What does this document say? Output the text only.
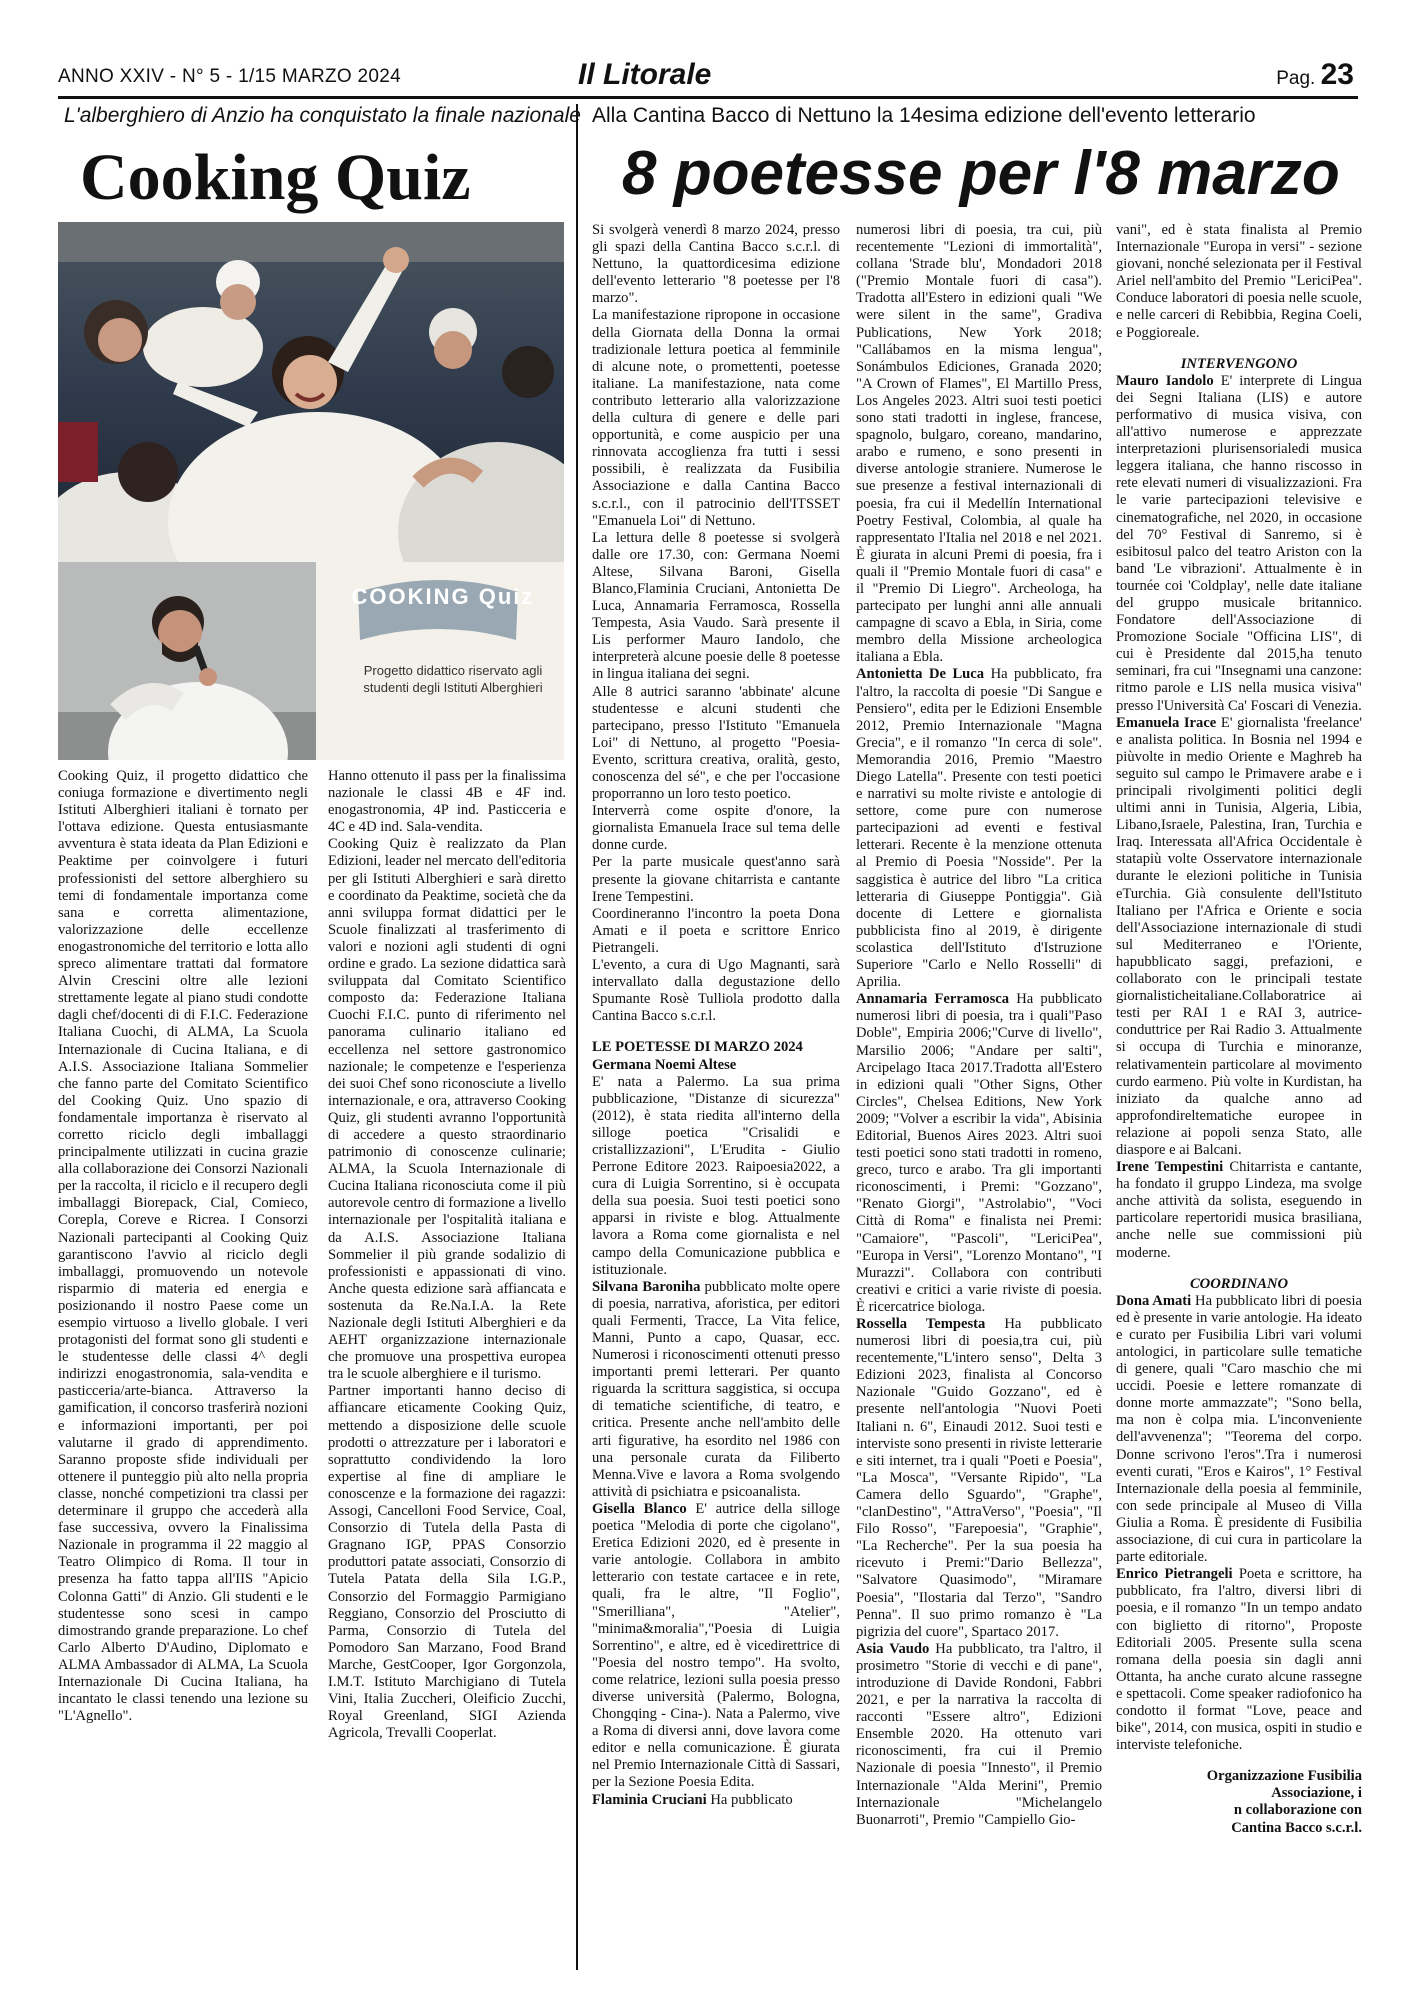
ANNO XXIV - N° 5 - 1/15 MARZO 2024	Il Litorale	Pag. 23
L'alberghiero di Anzio ha conquistato la finale nazionale
Cooking Quiz
Alla Cantina Bacco di Nettuno la 14esima edizione dell'evento letterario
8 poetesse per l'8 marzo
COOKING Quiz
Progetto didattico riservato agli studenti degli Istituti Alberghieri

Cooking Quiz, il progetto didattico che coniuga formazione e divertimento negli Istituti Alberghieri italiani è tornato per l'ottava edizione. Questa entusiasmante avventura è stata ideata da Plan Edizioni e Peaktime per coinvolgere i futuri professionisti del settore alberghiero su temi di fondamentale importanza come sana e corretta alimentazione, valorizzazione delle eccellenze enogastronomiche del territorio e lotta allo spreco alimentare trattati dal formatore Alvin Crescini oltre alle lezioni strettamente legate al piano studi condotte dagli chef/docenti di di F.I.C. Federazione Italiana Cuochi, di ALMA, La Scuola Internazionale di Cucina Italiana, e di A.I.S. Associazione Italiana Sommelier che fanno parte del Comitato Scientifico del Cooking Quiz. Uno spazio di fondamentale importanza è riservato al corretto riciclo degli imballaggi principalmente utilizzati in cucina grazie alla collaborazione dei Consorzi Nazionali per la raccolta, il riciclo e il recupero degli imballaggi Biorepack, Cial, Comieco, Corepla, Coreve e Ricrea. I Consorzi Nazionali partecipanti al Cooking Quiz garantiscono l'avvio al riciclo degli imballaggi, promuovendo un notevole risparmio di materia ed energia e posizionando il nostro Paese come un esempio virtuoso a livello globale. I veri protagonisti del format sono gli studenti e le studentesse delle classi 4^ degli indirizzi enogastronomia, sala-vendita e pasticceria/arte-bianca. Attraverso la gamification, il concorso trasferirà nozioni e informazioni importanti, per poi valutarne il grado di apprendimento. Saranno proposte sfide individuali per ottenere il punteggio più alto nella propria classe, nonché competizioni tra classi per determinare il gruppo che accederà alla fase successiva, ovvero la Finalissima Nazionale in programma il 22 maggio al Teatro Olimpico di Roma. Il tour in presenza ha fatto tappa all'IIS "Apicio Colonna Gatti" di Anzio. Gli studenti e le studentesse sono scesi in campo dimostrando grande preparazione. Lo chef Carlo Alberto D'Audino, Diplomato e ALMA Ambassador di ALMA, La Scuola Internazionale Di Cucina Italiana, ha incantato le classi tenendo una lezione su "L'Agnello".

Hanno ottenuto il pass per la finalissima nazionale le classi 4B e 4F ind. enogastronomia, 4P ind. Pasticceria e 4C e 4D ind. Sala-vendita.

Cooking Quiz è realizzato da Plan Edizioni, leader nel mercato dell'editoria per gli Istituti Alberghieri e sarà diretto e coordinato da Peaktime, società che da anni sviluppa format didattici per le Scuole finalizzati al trasferimento di valori e nozioni agli studenti di ogni ordine e grado. La sezione didattica sarà sviluppata dal Comitato Scientifico composto da: Federazione Italiana Cuochi F.I.C. punto di riferimento nel panorama culinario italiano ed eccellenza nel settore gastronomico nazionale; le competenze e l'esperienza dei suoi Chef sono riconosciute a livello internazionale, e ora, attraverso Cooking Quiz, gli studenti avranno l'opportunità di accedere a questo straordinario patrimonio di conoscenze culinarie; ALMA, la Scuola Internazionale di Cucina Italiana riconosciuta come il più autorevole centro di formazione a livello internazionale per l'ospitalità italiana e da A.I.S. Associazione Italiana Sommelier il più grande sodalizio di professionisti e appassionati di vino. Anche questa edizione sarà affiancata e sostenuta da Re.Na.I.A. la Rete Nazionale degli Istituti Alberghieri e da AEHT organizzazione internazionale che promuove una prospettiva europea tra le scuole alberghiere e il turismo.

Partner importanti hanno deciso di affiancare eticamente Cooking Quiz, mettendo a disposizione delle scuole prodotti o attrezzature per i laboratori e soprattutto condividendo la loro expertise al fine di ampliare le conoscenze e la formazione dei ragazzi: Assogi, Cancelloni Food Service, Coal, Consorzio di Tutela della Pasta di Gragnano IGP, PPAS Consorzio produttori patate associati, Consorzio di Tutela Patata della Sila I.G.P., Consorzio del Formaggio Parmigiano Reggiano, Consorzio del Prosciutto di Parma, Consorzio di Tutela del Pomodoro San Marzano, Food Brand Marche, GestCooper, Igor Gorgonzola, I.M.T. Istituto Marchigiano di Tutela Vini, Italia Zuccheri, Oleificio Zucchi, Royal Greenland, SIGI Azienda Agricola, Trevalli Cooperlat.

Si svolgerà venerdì 8 marzo 2024, presso gli spazi della Cantina Bacco s.c.r.l. di Nettuno, la quattordicesima edizione dell'evento letterario "8 poetesse per l'8 marzo".

La manifestazione ripropone in occasione della Giornata della Donna la ormai tradizionale lettura poetica al femminile di alcune note, o promettenti, poetesse italiane. La manifestazione, nata come contributo letterario alla valorizzazione della cultura di genere e delle pari opportunità, e come auspicio per una rinnovata accoglienza fra tutti i sessi possibili, è realizzata da Fusibilia Associazione e dalla Cantina Bacco s.c.r.l., con il patrocinio dell'ITSSET "Emanuela Loi" di Nettuno.

La lettura delle 8 poetesse si svolgerà dalle ore 17.30, con: Germana Noemi Altese, Silvana Baroni, Gisella Blanco,Flaminia Cruciani, Antonietta De Luca, Annamaria Ferramosca, Rossella Tempesta, Asia Vaudo. Sarà presente il Lis performer Mauro Iandolo, che interpreterà alcune poesie delle 8 poetesse in lingua italiana dei segni.

Alle 8 autrici saranno 'abbinate' alcune studentesse e alcuni studenti che partecipano, presso l'Istituto "Emanuela Loi" di Nettuno, al progetto "Poesia-Evento, scrittura creativa, oralità, gesto, conoscenza del sé", e che per l'occasione proporranno un loro testo poetico.

Interverrà come ospite d'onore, la giornalista Emanuela Irace sul tema delle donne curde.

Per la parte musicale quest'anno sarà presente la giovane chitarrista e cantante Irene Tempestini.

Coordineranno l'incontro la poeta Dona Amati e il poeta e scrittore Enrico Pietrangeli.

L'evento, a cura di Ugo Magnanti, sarà intervallato dalla degustazione dello Spumante Rosè Tulliola prodotto dalla Cantina Bacco s.c.r.l.

LE POETESSE DI MARZO 2024

Germana Noemi Altese

E' nata a Palermo. La sua prima pubblicazione, "Distanze di sicurezza" (2012), è stata riedita all'interno della silloge poetica "Crisalidi e cristallizzazioni", L'Erudita - Giulio Perrone Editore 2023. Raipoesia2022, a cura di Luigia Sorrentino, si è occupata della sua poesia. Suoi testi poetici sono apparsi in riviste e blog. Attualmente lavora a Roma come giornalista e nel campo della Comunicazione pubblica e istituzionale.

Silvana Baroniha pubblicato molte opere di poesia, narrativa, aforistica, per editori quali Fermenti, Tracce, La Vita felice, Manni, Punto a capo, Quasar, ecc. Numerosi i riconoscimenti ottenuti presso importanti premi letterari. Per quanto riguarda la scrittura saggistica, si occupa di tematiche scientifiche, di teatro, e critica. Presente anche nell'ambito delle arti figurative, ha esordito nel 1986 con una personale curata da Filiberto Menna.Vive e lavora a Roma svolgendo attività di psichiatra e psicoanalista.

Gisella Blanco E' autrice della silloge poetica "Melodia di porte che cigolano", Eretica Edizioni 2020, ed è presente in varie antologie. Collabora in ambito letterario con testate cartacee e in rete, quali, fra le altre, "Il Foglio", "Smerilliana", "Atelier", "minima&moralia","Poesia di Luigia Sorrentino", e altre, ed è vicedirettrice di "Poesia del nostro tempo". Ha svolto, come relatrice, lezioni sulla poesia presso diverse università (Palermo, Bologna, Chongqing - Cina-). Nata a Palermo, vive a Roma di diversi anni, dove lavora come editor e nella comunicazione. È giurata nel Premio Internazionale Città di Sassari, per la Sezione Poesia Edita.

Flaminia Cruciani Ha pubblicato

numerosi libri di poesia, tra cui, più recentemente "Lezioni di immortalità", collana 'Strade blu', Mondadori 2018 ("Premio Montale fuori di casa"). Tradotta all'Estero in edizioni quali "We were silent in the same", Gradiva Publications, New York 2018; "Callábamos en la misma lengua", Sonámbulos Ediciones, Granada 2020; "A Crown of Flames", El Martillo Press, Los Angeles 2023. Altri suoi testi poetici sono stati tradotti in inglese, francese, spagnolo, bulgaro, coreano, mandarino, arabo e rumeno, e sono presenti in diverse antologie straniere. Numerose le sue presenze a festival internazionali di poesia, fra cui il Medellín International Poetry Festival, Colombia, al quale ha rappresentato l'Italia nel 2018 e nel 2021. È giurata in alcuni Premi di poesia, fra i quali il "Premio Montale fuori di casa" e il "Premio Di Liegro". Archeologa, ha partecipato per lunghi anni alle annuali campagne di scavo a Ebla, in Siria, come membro della Missione archeologica italiana a Ebla.

Antonietta De Luca Ha pubblicato, fra l'altro, la raccolta di poesie "Di Sangue e Pensiero", edita per le Edizioni Ensemble 2012, Premio Internazionale "Magna Grecia", e il romanzo "In cerca di sole". Memorandia 2016, Premio "Maestro Diego Latella". Presente con testi poetici e narrativi su molte riviste e antologie di settore, come pure con numerose partecipazioni ad eventi e festival letterari. Recente è la menzione ottenuta al Premio di Poesia "Nosside". Per la saggistica è autrice del libro "La critica letteraria di Giuseppe Pontiggia". Già docente di Lettere e giornalista pubblicista fino al 2019, è dirigente scolastica dell'Istituto d'Istruzione Superiore "Carlo e Nello Rosselli" di Aprilia.

Annamaria Ferramosca Ha pubblicato numerosi libri di poesia, tra i quali"Paso Doble", Empiria 2006;"Curve di livello", Marsilio 2006; "Andare per salti", Arcipelago Itaca 2017.Tradotta all'Estero in edizioni quali "Other Signs, Other Circles", Chelsea Editions, New York 2009; "Volver a escribir la vida", Abisinia Editorial, Buenos Aires 2023. Altri suoi testi poetici sono stati tradotti in romeno, greco, turco e arabo. Tra gli importanti riconoscimenti, i Premi: "Gozzano", "Renato Giorgi", "Astrolabio", "Voci Città di Roma" e finalista nei Premi: "Camaiore", "Pascoli", "LericiPea", "Europa in Versi", "Lorenzo Montano", "I Murazzi". Collabora con contributi creativi e critici a varie riviste di poesia. È ricercatrice biologa.

Rossella Tempesta Ha pubblicato numerosi libri di poesia,tra cui, più recentemente,"L'intero senso", Delta 3 Edizioni 2023, finalista al Concorso Nazionale "Guido Gozzano", ed è presente nell'antologia "Nuovi Poeti Italiani n. 6", Einaudi 2012. Suoi testi e interviste sono presenti in riviste letterarie e siti internet, tra i quali "Poeti e Poesia", "La Mosca", "Versante Ripido", "La Camera dello Sguardo", "Graphe", "clanDestino", "AttraVerso", "Poesia", "Il Filo Rosso", "Farepoesia", "Graphie", "La Recherche". Per la sua poesia ha ricevuto i Premi:"Dario Bellezza", "Salvatore Quasimodo", "Miramare Poesia", "Ilostaria dal Terzo", "Sandro Penna". Il suo primo romanzo è "La pigrizia del cuore", Spartaco 2017.

Asia Vaudo Ha pubblicato, tra l'altro, il prosimetro "Storie di vecchi e di pane", introduzione di Davide Rondoni, Fabbri 2021, e per la narrativa la raccolta di racconti "Essere altro", Edizioni Ensemble 2020. Ha ottenuto vari riconoscimenti, fra cui il Premio Nazionale di poesia "Innesto", il Premio Internazionale "Alda Merini", Premio Internazionale "Michelangelo Buonarroti", Premio "Campiello Gio-

vani", ed è stata finalista al Premio Internazionale "Europa in versi" - sezione giovani, nonché selezionata per il Festival Ariel nell'ambito del Premio "LericiPea". Conduce laboratori di poesia nelle scuole, e nelle carceri di Rebibbia, Regina Coeli, e Poggioreale.

INTERVENGONO

Mauro Iandolo E' interprete di Lingua dei Segni Italiana (LIS) e autore performativo di musica visiva, con all'attivo numerose e apprezzate interpretazioni plurisensorialedi musica leggera italiana, che hanno riscosso in rete elevati numeri di visualizzazioni. Fra le varie partecipazioni televisive e cinematografiche, nel 2020, in occasione del 70° Festival di Sanremo, si è esibitosul palco del teatro Ariston con la band 'Le vibrazioni'. Attualmente è in tournée coi 'Coldplay', nelle date italiane del gruppo musicale britannico. Fondatore dell'Associazione di Promozione Sociale "Officina LIS", di cui è Presidente dal 2015,ha tenuto seminari, fra cui "Insegnami una canzone: ritmo parole e LIS nella musica visiva" presso l'Università Ca' Foscari di Venezia.

Emanuela Irace E' giornalista 'freelance' e analista politica. In Bosnia nel 1994 e piùvolte in medio Oriente e Maghreb ha seguito sul campo le Primavere arabe e i principali rivolgimenti politici degli ultimi anni in Tunisia, Algeria, Libia, Libano,Israele, Palestina, Iran, Turchia e Iraq. Interessata all'Africa Occidentale è statapiù volte Osservatore internazionale durante le elezioni politiche in Tunisia eTurchia. Già consulente dell'Istituto Italiano per l'Africa e Oriente e socia dell'Associazione internazionale di studi sul Mediterraneo e l'Oriente, hapubblicato saggi, prefazioni, e collaborato con le principali testate giornalisticheitaliane.Collaboratrice ai testi per RAI 1 e RAI 3, autrice-conduttrice per Rai Radio 3. Attualmente si occupa di Turchia e minoranze, relativamentein particolare al movimento curdo earmeno. Più volte in Kurdistan, ha iniziato da qualche anno ad approfondireltematiche europee in relazione ai popoli senza Stato, alle diaspore e ai Balcani.

Irene Tempestini Chitarrista e cantante, ha fondato il gruppo Lindeza, ma svolge anche attività da solista, eseguendo in particolare repertoridi musica brasiliana, anche nelle sue commissioni più moderne.

COORDINANO

Dona Amati Ha pubblicato libri di poesia ed è presente in varie antologie. Ha ideato e curato per Fusibilia Libri vari volumi antologici, in particolare sulle tematiche di genere, quali "Caro maschio che mi uccidi. Poesie e lettere romanzate di donne morte ammazzate"; "Sono bella, ma non è colpa mia. L'inconveniente dell'avvenenza"; "Teorema del corpo. Donne scrivono l'eros".Tra i numerosi eventi curati, "Eros e Kairos", 1° Festival Internazionale della poesia al femminile, con sede principale al Museo di Villa Giulia a Roma. È presidente di Fusibilia associazione, di cui cura in particolare la parte editoriale.

Enrico Pietrangeli Poeta e scrittore, ha pubblicato, fra l'altro, diversi libri di poesia, e il romanzo "In un tempo andato con biglietto di ritorno", Proposte Editoriali 2005. Presente sulla scena romana della poesia sin dagli anni Ottanta, ha anche curato alcune rassegne e spettacoli. Come speaker radiofonico ha condotto il format "Love, peace and bike", 2014, con musica, ospiti in studio e interviste telefoniche.

Organizzazione Fusibilia
Associazione, i
n collaborazione con
Cantina Bacco s.c.r.l.
